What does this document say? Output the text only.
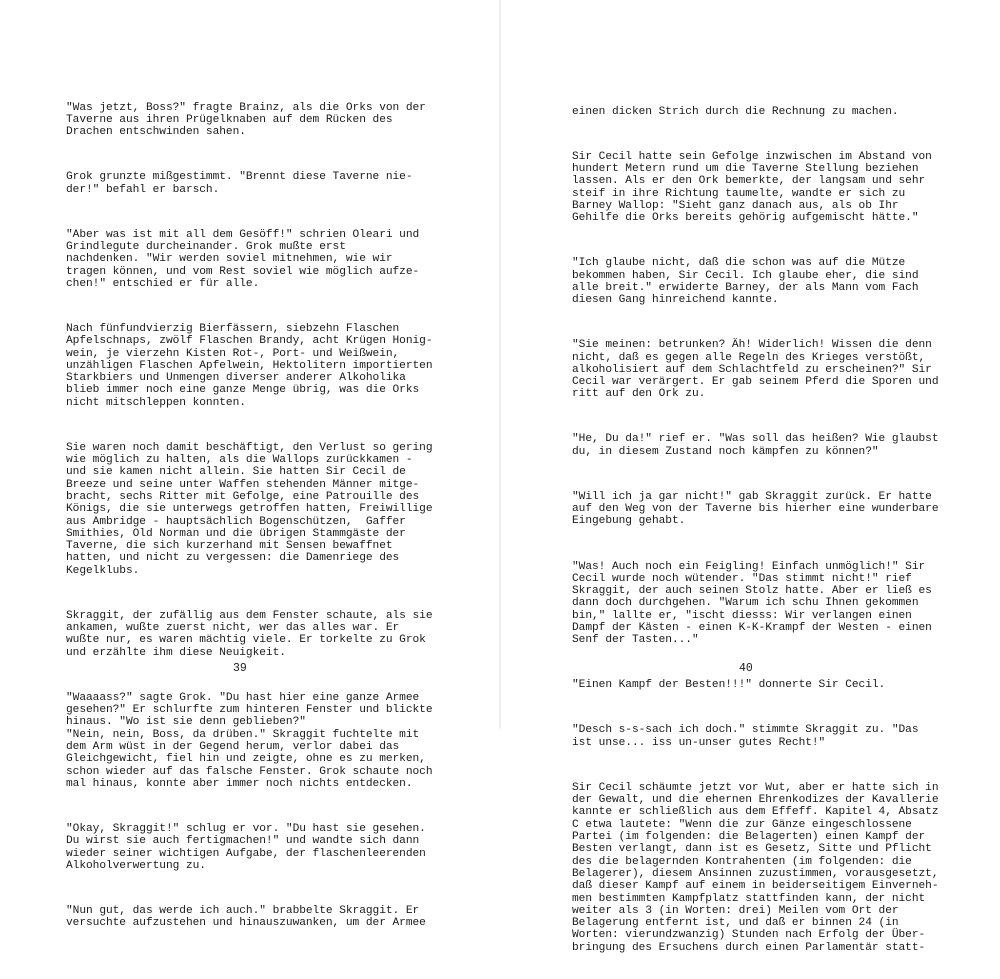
"Was jetzt, Boss?" fragte Brainz, als die Orks von der
Taverne aus ihren Prügelknaben auf dem Rücken des
Drachen entschwinden sahen.

Grok grunzte mißgestimmt. "Brennt diese Taverne nie-
der!" befahl er barsch.

"Aber was ist mit all dem Gesöff!" schrien Oleari und
Grindlegute durcheinander. Grok mußte erst
nachdenken. "Wir werden soviel mitnehmen, wie wir
tragen können, und vom Rest soviel wie möglich aufze-
chen!" entschied er für alle.

Nach fünfundvierzig Bierfässern, siebzehn Flaschen
Apfelschnaps, zwölf Flaschen Brandy, acht Krügen Honig-
wein, je vierzehn Kisten Rot-, Port- und Weißwein,
unzähligen Flaschen Apfelwein, Hektolitern importierten
Starkbiers und Unmengen diverser anderer Alkoholika
blieb immer noch eine ganze Menge übrig, was die Orks
nicht mitschleppen konnten.

Sie waren noch damit beschäftigt, den Verlust so gering
wie möglich zu halten, als die Wallops zurückkamen -
und sie kamen nicht allein. Sie hatten Sir Cecil de
Breeze und seine unter Waffen stehenden Männer mitge-
bracht, sechs Ritter mit Gefolge, eine Patrouille des
Königs, die sie unterwegs getroffen hatten, Freiwillige
aus Ambridge - hauptsächlich Bogenschützen,  Gaffer
Smithies, Old Norman und die übrigen Stammgäste der
Taverne, die sich kurzerhand mit Sensen bewaffnet
hatten, und nicht zu vergessen: die Damenriege des
Kegelklubs.

Skraggit, der zufällig aus dem Fenster schaute, als sie
ankamen, wußte zuerst nicht, wer das alles war. Er
wußte nur, es waren mächtig viele. Er torkelte zu Grok
und erzählte ihm diese Neuigkeit.

"Waaaass?" sagte Grok. "Du hast hier eine ganze Armee
gesehen?" Er schlurfte zum hinteren Fenster und blickte
hinaus. "Wo ist sie denn geblieben?"
"Nein, nein, Boss, da drüben." Skraggit fuchtelte mit
dem Arm wüst in der Gegend herum, verlor dabei das
Gleichgewicht, fiel hin und zeigte, ohne es zu merken,
schon wieder auf das falsche Fenster. Grok schaute noch
mal hinaus, konnte aber immer noch nichts entdecken.

"Okay, Skraggit!" schlug er vor. "Du hast sie gesehen.
Du wirst sie auch fertigmachen!" und wandte sich dann
wieder seiner wichtigen Aufgabe, der flaschenleerenden
Alkoholverwertung zu.

"Nun gut, das werde ich auch." brabbelte Skraggit. Er
versuchte aufzustehen und hinauszuwanken, um der Armee

39

einen dicken Strich durch die Rechnung zu machen.

Sir Cecil hatte sein Gefolge inzwischen im Abstand von
hundert Metern rund um die Taverne Stellung beziehen
lassen. Als er den Ork bemerkte, der langsam und sehr
steif in ihre Richtung taumelte, wandte er sich zu
Barney Wallop: "Sieht ganz danach aus, als ob Ihr
Gehilfe die Orks bereits gehörig aufgemischt hätte."

"Ich glaube nicht, daß die schon was auf die Mütze
bekommen haben, Sir Cecil. Ich glaube eher, die sind
alle breit." erwiderte Barney, der als Mann vom Fach
diesen Gang hinreichend kannte.

"Sie meinen: betrunken? Äh! Widerlich! Wissen die denn
nicht, daß es gegen alle Regeln des Krieges verstößt,
alkoholisiert auf dem Schlachtfeld zu erscheinen?" Sir
Cecil war verärgert. Er gab seinem Pferd die Sporen und
ritt auf den Ork zu.

"He, Du da!" rief er. "Was soll das heißen? Wie glaubst
du, in diesem Zustand noch kämpfen zu können?"

"Will ich ja gar nicht!" gab Skraggit zurück. Er hatte
auf den Weg von der Taverne bis hierher eine wunderbare
Eingebung gehabt.

"Was! Auch noch ein Feigling! Einfach unmöglich!" Sir
Cecil wurde noch wütender. "Das stimmt nicht!" rief
Skraggit, der auch seinen Stolz hatte. Aber er ließ es
dann doch durchgehen. "Warum ich schu Ihnen gekommen
bin," lallte er, "ischt diesss: Wir verlangen einen
Dampf der Kästen - einen K-K-Krampf der Westen - einen
Senf der Tasten..."

"Einen Kampf der Besten!!!" donnerte Sir Cecil.

"Desch s-s-sach ich doch." stimmte Skraggit zu. "Das
ist unse... iss un-unser gutes Recht!"

Sir Cecil schäumte jetzt vor Wut, aber er hatte sich in
der Gewalt, und die ehernen Ehrenkodizes der Kavallerie
kannte er schließlich aus dem Effeff. Kapitel 4, Absatz
C etwa lautete: "Wenn die zur Gänze eingeschlossene
Partei (im folgenden: die Belagerten) einen Kampf der
Besten verlangt, dann ist es Gesetz, Sitte und Pflicht
des die belagernden Kontrahenten (im folgenden: die
Belagerer), diesem Ansinnen zuzustimmen, vorausgesetzt,
daß dieser Kampf auf einem in beiderseitigem Einverneh-
men bestimmten Kampfplatz stattfinden kann, der nicht
weiter als 3 (in Worten: drei) Meilen vom Ort der
Belagerung entfernt ist, und daß er binnen 24 (in
Worten: vierundzwanzig) Stunden nach Erfolg der Über-
bringung des Ersuchens durch einen Parlamentär statt-

40
